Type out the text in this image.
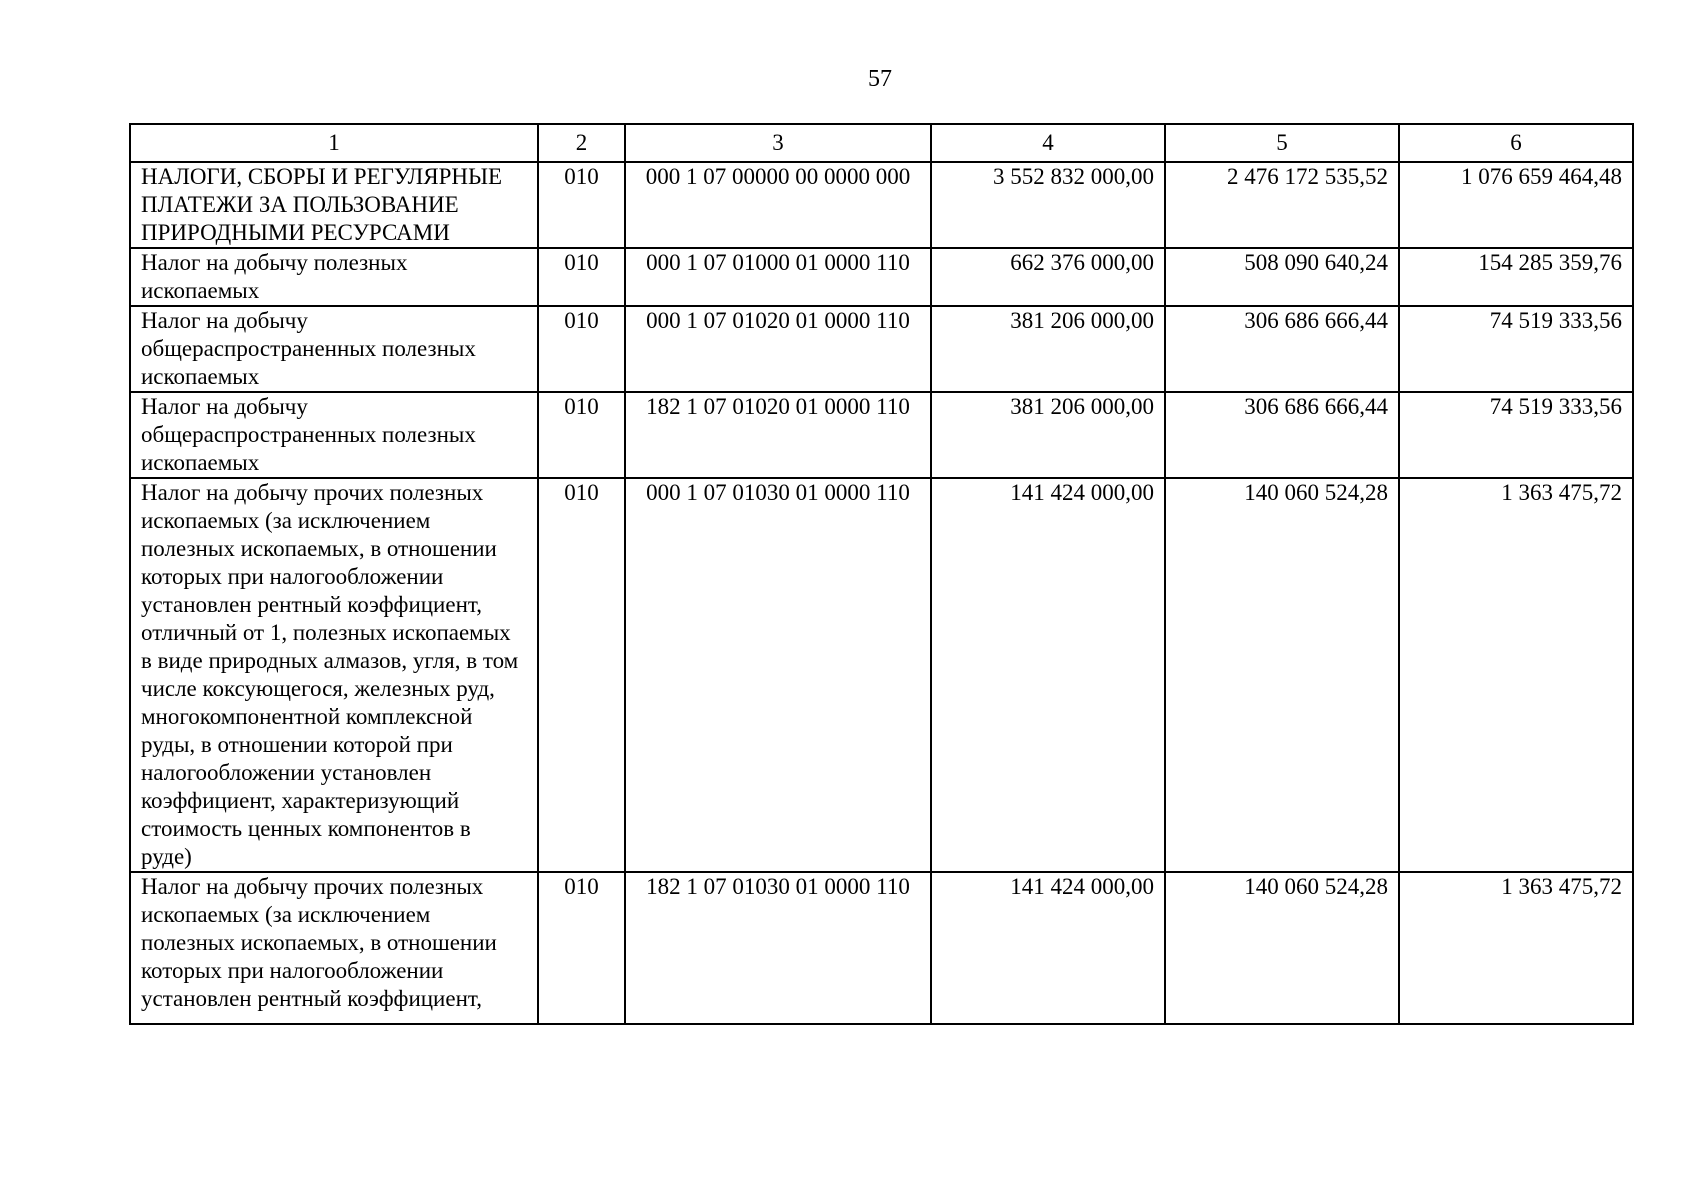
57
1	2	3	4	5	6
НАЛОГИ, СБОРЫ И РЕГУЛЯРНЫЕ ПЛАТЕЖИ ЗА ПОЛЬЗОВАНИЕ ПРИРОДНЫМИ РЕСУРСАМИ	010	000 1 07 00000 00 0000 000	3 552 832 000,00	2 476 172 535,52	1 076 659 464,48
Налог на добычу полезных ископаемых	010	000 1 07 01000 01 0000 110	662 376 000,00	508 090 640,24	154 285 359,76
Налог на добычу общераспространенных полезных ископаемых	010	000 1 07 01020 01 0000 110	381 206 000,00	306 686 666,44	74 519 333,56
Налог на добычу общераспространенных полезных ископаемых	010	182 1 07 01020 01 0000 110	381 206 000,00	306 686 666,44	74 519 333,56
Налог на добычу прочих полезных ископаемых (за исключением полезных ископаемых, в отношении которых при налогообложении установлен рентный коэффициент, отличный от 1, полезных ископаемых в виде природных алмазов, угля, в том числе коксующегося, железных руд, многокомпонентной комплексной руды, в отношении которой при налогообложении установлен коэффициент, характеризующий стоимость ценных компонентов в руде)	010	000 1 07 01030 01 0000 110	141 424 000,00	140 060 524,28	1 363 475,72
Налог на добычу прочих полезных ископаемых (за исключением полезных ископаемых, в отношении которых при налогообложении установлен рентный коэффициент,	010	182 1 07 01030 01 0000 110	141 424 000,00	140 060 524,28	1 363 475,72
